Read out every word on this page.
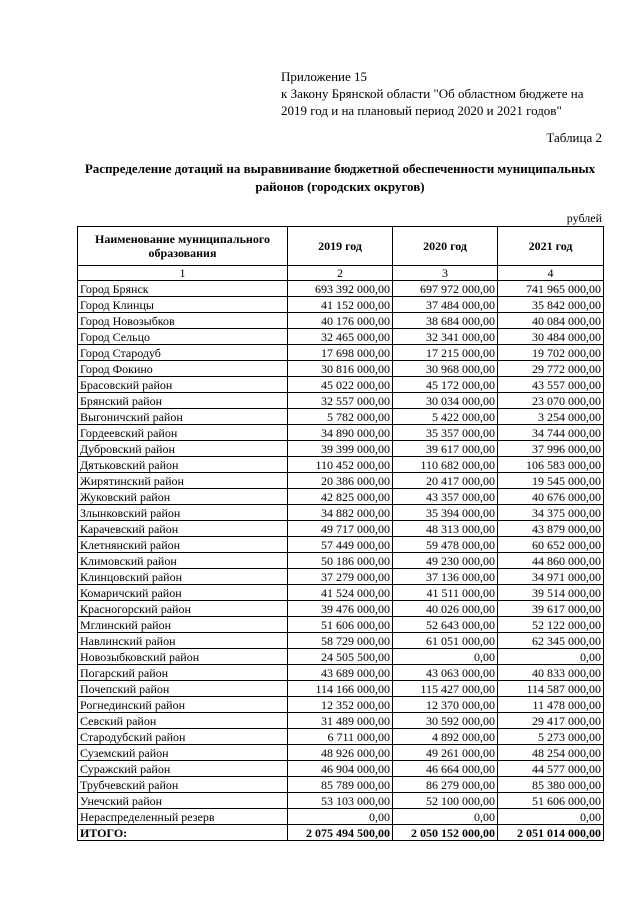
Приложение 15
к Закону Брянской области "Об областном бюджете на
2019 год и на плановый период 2020 и 2021 годов"
Таблица 2
Распределение дотаций на выравнивание бюджетной обеспеченности муниципальных
районов (городских округов)
рублей
Наименование муниципального образования	2019 год	2020 год	2021 год
1	2	3	4
Город Брянск	693 392 000,00	697 972 000,00	741 965 000,00
Город Клинцы	41 152 000,00	37 484 000,00	35 842 000,00
Город Новозыбков	40 176 000,00	38 684 000,00	40 084 000,00
Город Сельцо	32 465 000,00	32 341 000,00	30 484 000,00
Город Стародуб	17 698 000,00	17 215 000,00	19 702 000,00
Город Фокино	30 816 000,00	30 968 000,00	29 772 000,00
Брасовский район	45 022 000,00	45 172 000,00	43 557 000,00
Брянский район	32 557 000,00	30 034 000,00	23 070 000,00
Выгоничский район	5 782 000,00	5 422 000,00	3 254 000,00
Гордеевский район	34 890 000,00	35 357 000,00	34 744 000,00
Дубровский район	39 399 000,00	39 617 000,00	37 996 000,00
Дятьковский район	110 452 000,00	110 682 000,00	106 583 000,00
Жирятинский район	20 386 000,00	20 417 000,00	19 545 000,00
Жуковский район	42 825 000,00	43 357 000,00	40 676 000,00
Злынковский район	34 882 000,00	35 394 000,00	34 375 000,00
Карачевский район	49 717 000,00	48 313 000,00	43 879 000,00
Клетнянский район	57 449 000,00	59 478 000,00	60 652 000,00
Климовский район	50 186 000,00	49 230 000,00	44 860 000,00
Клинцовский район	37 279 000,00	37 136 000,00	34 971 000,00
Комаричский район	41 524 000,00	41 511 000,00	39 514 000,00
Красногорский район	39 476 000,00	40 026 000,00	39 617 000,00
Мглинский район	51 606 000,00	52 643 000,00	52 122 000,00
Навлинский район	58 729 000,00	61 051 000,00	62 345 000,00
Новозыбковский район	24 505 500,00	0,00	0,00
Погарский район	43 689 000,00	43 063 000,00	40 833 000,00
Почепский район	114 166 000,00	115 427 000,00	114 587 000,00
Рогнединский район	12 352 000,00	12 370 000,00	11 478 000,00
Севский район	31 489 000,00	30 592 000,00	29 417 000,00
Стародубский район	6 711 000,00	4 892 000,00	5 273 000,00
Суземский район	48 926 000,00	49 261 000,00	48 254 000,00
Суражский район	46 904 000,00	46 664 000,00	44 577 000,00
Трубчевский район	85 789 000,00	86 279 000,00	85 380 000,00
Унечский район	53 103 000,00	52 100 000,00	51 606 000,00
Нераспределенный резерв	0,00	0,00	0,00
ИТОГО:	2 075 494 500,00	2 050 152 000,00	2 051 014 000,00
